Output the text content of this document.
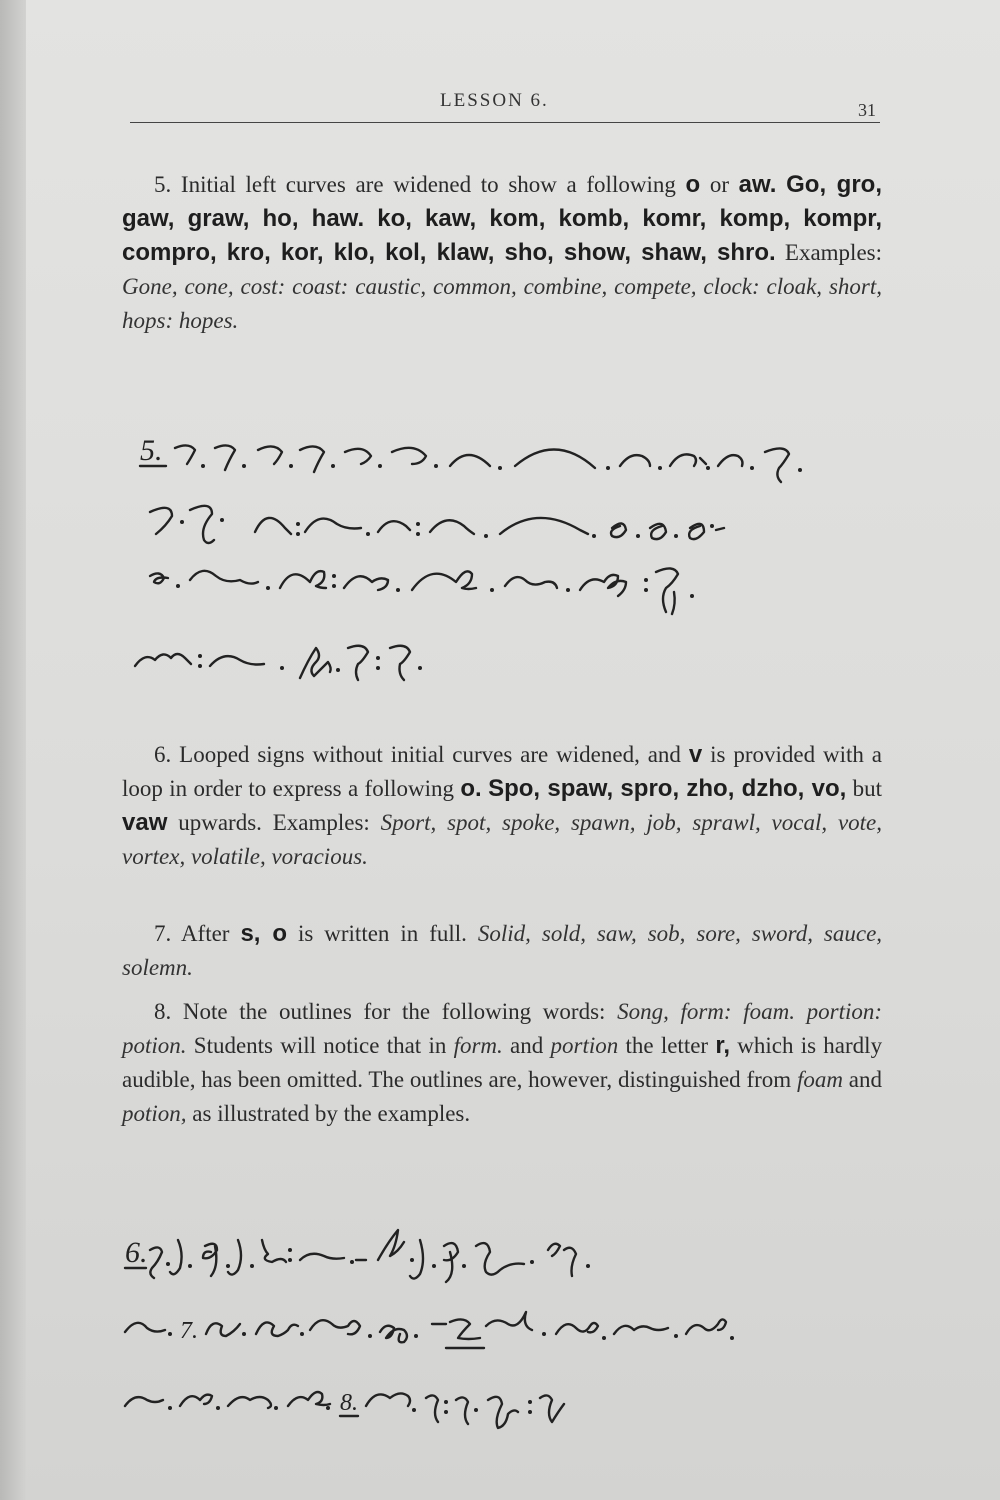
LESSON 6.	31
5. Initial left curves are widened to show a following o or aw. Go, gro, gaw, graw, ho, haw. ko, kaw, kom, komb, komr, komp, kompr, compro, kro, kor, klo, kol, klaw, sho, show, shaw, shro. Examples: Gone, cone, cost: coast: caustic, common, combine, compete, clock: cloak, short, hops: hopes.
5.
6. Looped signs without initial curves are widened, and v is provided with a loop in order to express a following o. Spo, spaw, spro, zho, dzho, vo, but vaw upwards. Examples: Sport, spot, spoke, spawn, job, sprawl, vocal, vote, vortex, volatile, voracious.
7. After s, o is written in full. Solid, sold, saw, sob, sore, sword, sauce, solemn.
8. Note the outlines for the following words: Song, form: foam. portion: potion. Students will notice that in form. and portion the letter r, which is hardly audible, has been omitted. The outlines are, however, distinguished from foam and potion, as illustrated by the examples.
6.
7.
8.
